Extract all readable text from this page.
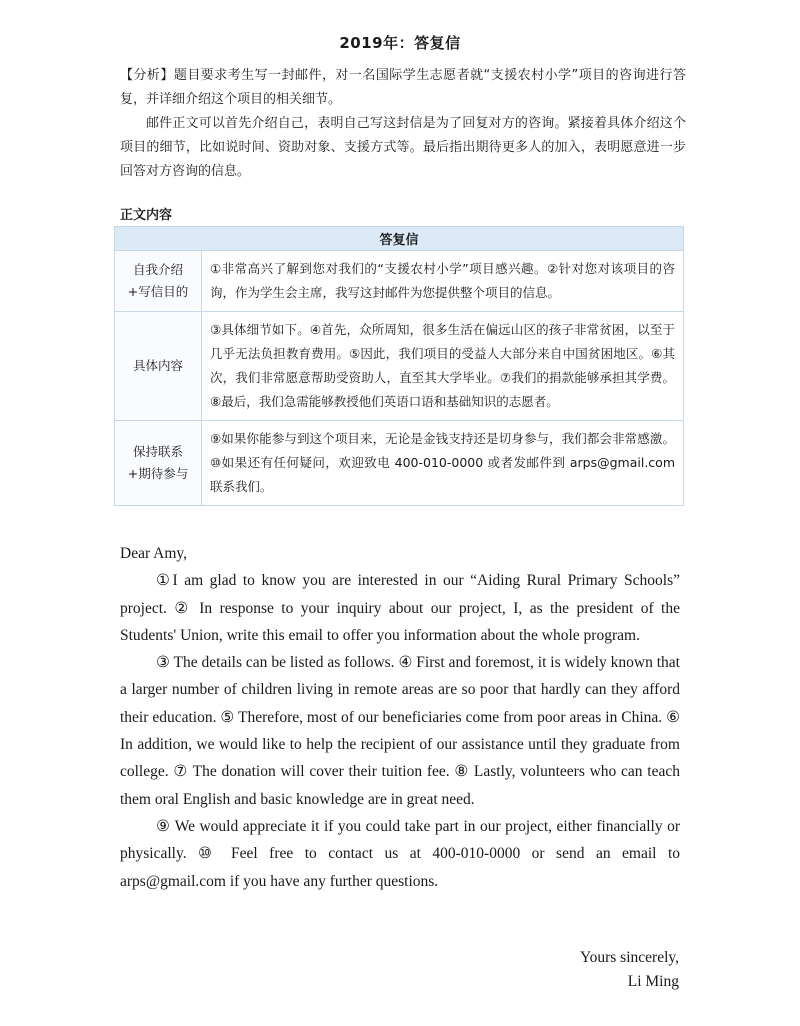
2019年：答复信

【分析】题目要求考生写一封邮件，对一名国际学生志愿者就“支援农村小学”项目的咨询进行答复，并详细介绍这个项目的相关细节。

邮件正文可以首先介绍自己，表明自己写这封信是为了回复对方的咨询。紧接着具体介绍这个项目的细节，比如说时间、资助对象、支援方式等。最后指出期待更多人的加入，表明愿意进一步回答对方咨询的信息。

正文内容
答复信	

自我介绍
+写信目的	①非常高兴了解到您对我们的“支援农村小学”项目感兴趣。②针对您对该项目的咨询，作为学生会主席，我写这封邮件为您提供整个项目的信息。

具体内容	③具体细节如下。④首先，众所周知，很多生活在偏远山区的孩子非常贫困，以至于几乎无法负担教育费用。⑤因此，我们项目的受益人大部分来自中国贫困地区。⑥其次，我们非常愿意帮助受资助人，直至其大学毕业。⑦我们的捐款能够承担其学费。⑧最后，我们急需能够教授他们英语口语和基础知识的志愿者。

保持联系
+期待参与	⑨如果你能参与到这个项目来，无论是金钱支持还是切身参与，我们都会非常感激。⑩如果还有任何疑问，欢迎致电 400-010-0000 或者发邮件到 arps@gmail.com 联系我们。

Dear Amy,

①I am glad to know you are interested in our “Aiding Rural Primary Schools” project. ② In response to your inquiry about our project, I, as the president of the Students' Union, write this email to offer you information about the whole program.

③ The details can be listed as follows. ④ First and foremost, it is widely known that a larger number of children living in remote areas are so poor that hardly can they afford their education. ⑤ Therefore, most of our beneficiaries come from poor areas in China. ⑥ In addition, we would like to help the recipient of our assistance until they graduate from college. ⑦ The donation will cover their tuition fee. ⑧ Lastly, volunteers who can teach them oral English and basic knowledge are in great need.

⑨ We would appreciate it if you could take part in our project, either financially or physically. ⑩ Feel free to contact us at 400-010-0000 or send an email to arps@gmail.com if you have any further questions.

Yours sincerely,
Li Ming
